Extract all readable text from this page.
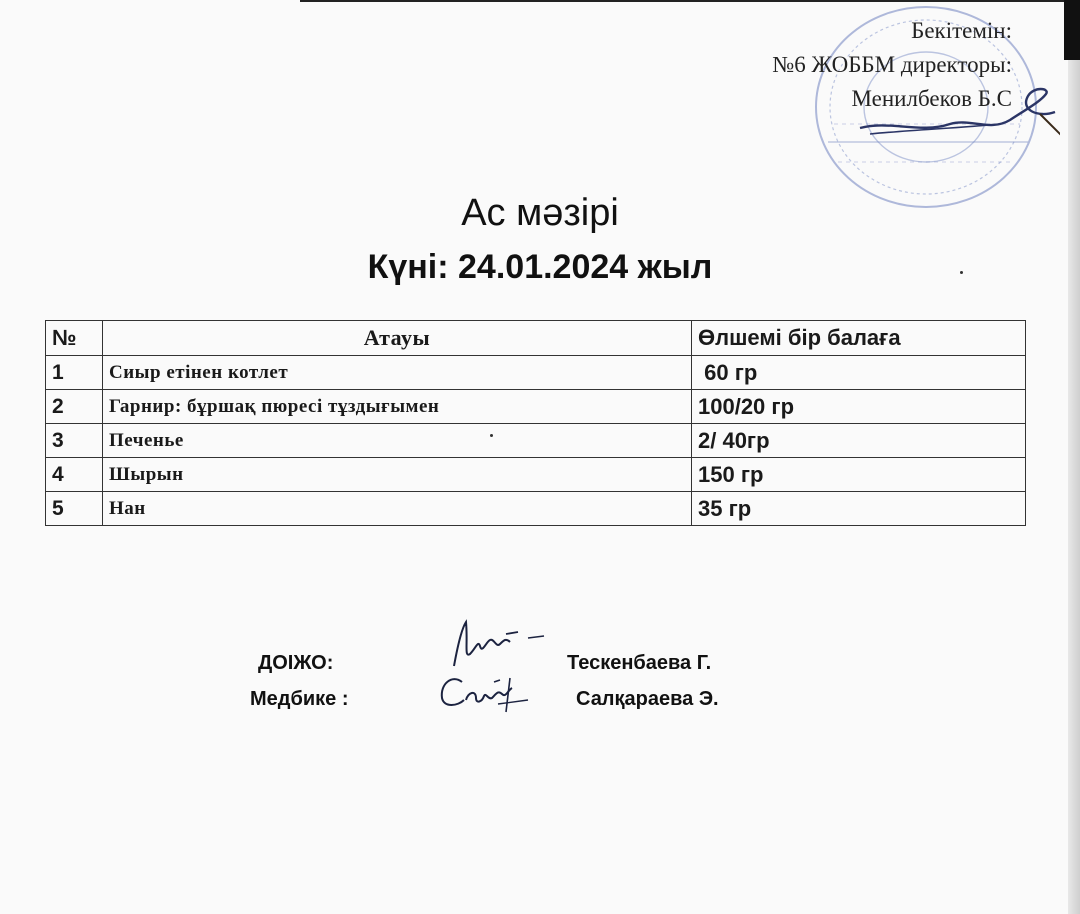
Бекітемін:
№6 ЖОББМ директоры:
Менилбеков Б.С
Ас мәзірі
Күні: 24.01.2024 жыл
№	Атауы	Өлшемі бір балаға
1	Сиыр етінен котлет	60 гр
2	Гарнир: бұршақ пюресі тұздығымен	100/20 гр
3	Печенье	2/ 40гр
4	Шырын	150 гр
5	Нан	35 гр
ДОІЖО:	Тескенбаева Г.
Медбике :	Салқараева Э.
